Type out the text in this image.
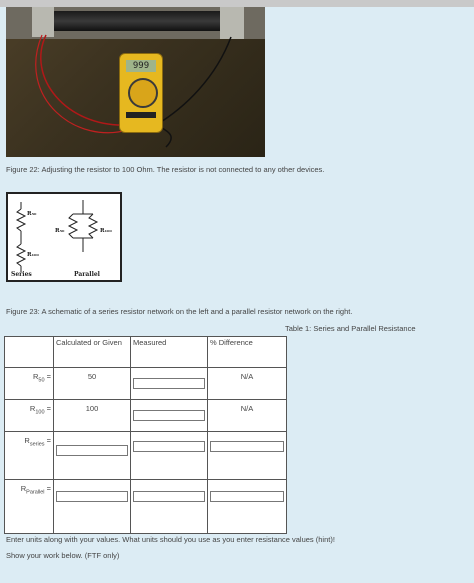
999
Figure 22: Adjusting the resistor to 100 Ohm. The resistor is not connected to any other devices.
R₅₀
R₁₀₀
R₅₀	R₁₀₀
Series	Parallel
Figure 23: A schematic of a series resistor network on the left and a parallel resistor network on the right.
Table 1: Series and Parallel Resistance
	Calculated or Given	Measured	% Difference
$R_{50}$ =	50		N/A
$R_{100}$ =	100		N/A
$R_{series}$ =	

$R_{Parallel}$ =	

Enter units along with your values. What units should you use as you enter resistance values (hint)!
Show your work below. (FTF only)
